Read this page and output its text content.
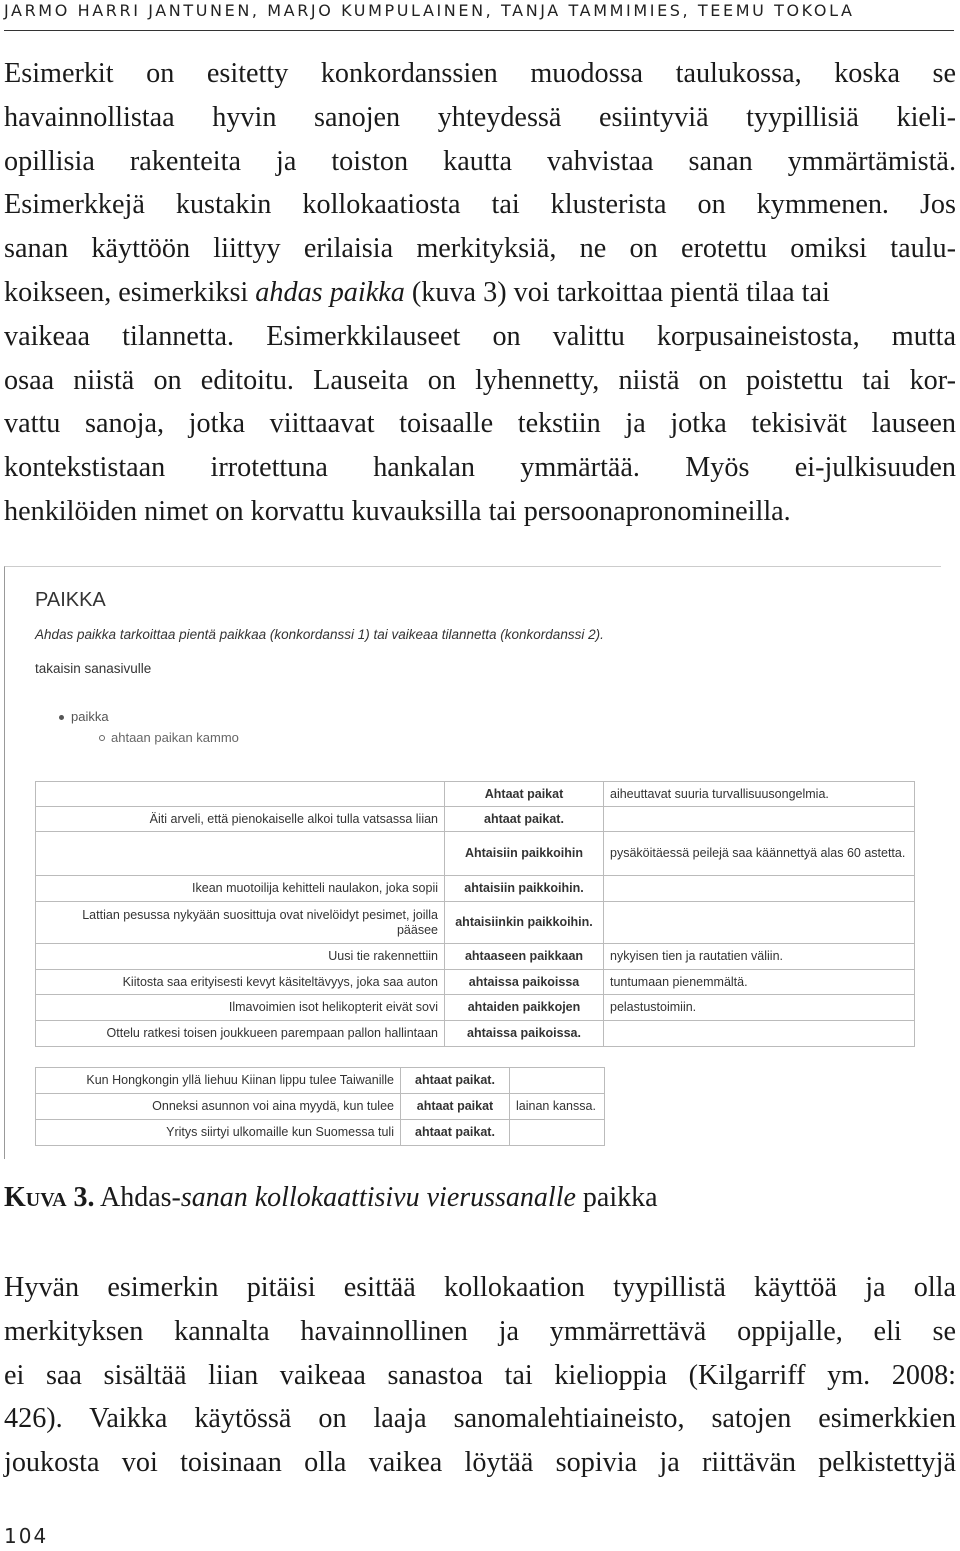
JARMO HARRI JANTUNEN, MARJO KUMPULAINEN, TANJA TAMMIMIES, TEEMU TOKOLA
Esimerkit on esitetty konkordanssien muodossa taulukossa, koska se
havainnollistaa hyvin sanojen yhteydessä esiintyviä tyypillisiä kieli-
opillisia rakenteita ja toiston kautta vahvistaa sanan ymmärtämistä.
Esimerkkejä kustakin kollokaatiosta tai klusterista on kymmenen. Jos
sanan käyttöön liittyy erilaisia merkityksiä, ne on erotettu omiksi taulu-
koikseen, esimerkiksi ahdas paikka (kuva 3) voi tarkoittaa pientä tilaa tai
vaikeaa tilannetta. Esimerkkilauseet on valittu korpusaineistosta, mutta
osaa niistä on editoitu. Lauseita on lyhennetty, niistä on poistettu tai kor-
vattu sanoja, jotka viittaavat toisaalle tekstiin ja jotka tekisivät lauseen
kontekstistaan irrotettuna hankalan ymmärtää. Myös ei-julkisuuden
henkilöiden nimet on korvattu kuvauksilla tai persoonapronomineilla.
PAIKKA
Ahdas paikka tarkoittaa pientä paikkaa (konkordanssi 1) tai vaikeaa tilannetta (konkordanssi 2).
takaisin sanasivulle
paikka
ahtaan paikan kammo
	Ahtaat paikat	aiheuttavat suuria turvallisuusongelmia.
Äiti arveli, että pienokaiselle alkoi tulla vatsassa liian	ahtaat paikat.	
	Ahtaisiin paikkoihin	pysäköitäessä peilejä saa käännettyä alas 60 astetta.
Ikean muotoilija kehitteli naulakon, joka sopii	ahtaisiin paikkoihin.	
Lattian pesussa nykyään suosittuja ovat nivelöidyt pesimet, joilla pääsee	ahtaisiinkin paikkoihin.	
Uusi tie rakennettiin	ahtaaseen paikkaan	nykyisen tien ja rautatien väliin.
Kiitosta saa erityisesti kevyt käsiteltävyys, joka saa auton	ahtaissa paikoissa	tuntumaan pienemmältä.
Ilmavoimien isot helikopterit eivät sovi	ahtaiden paikkojen	pelastustoimiin.
Ottelu ratkesi toisen joukkueen parempaan pallon hallintaan	ahtaissa paikoissa.	
Kun Hongkongin yllä liehuu Kiinan lippu tulee Taiwanille	ahtaat paikat.	
Onneksi asunnon voi aina myydä, kun tulee	ahtaat paikat	lainan kanssa.
Yritys siirtyi ulkomaille kun Suomessa tuli	ahtaat paikat.	
Kuva 3. Ahdas-sanan kollokaattisivu vierussanalle paikka
Hyvän esimerkin pitäisi esittää kollokaation tyypillistä käyttöä ja olla
merkityksen kannalta havainnollinen ja ymmärrettävä oppijalle, eli se
ei saa sisältää liian vaikeaa sanastoa tai kielioppia (Kilgarriff ym. 2008:
426). Vaikka käytössä on laaja sanomalehtiaineisto, satojen esimerkkien
joukosta voi toisinaan olla vaikea löytää sopivia ja riittävän pelkistettyjä
104
